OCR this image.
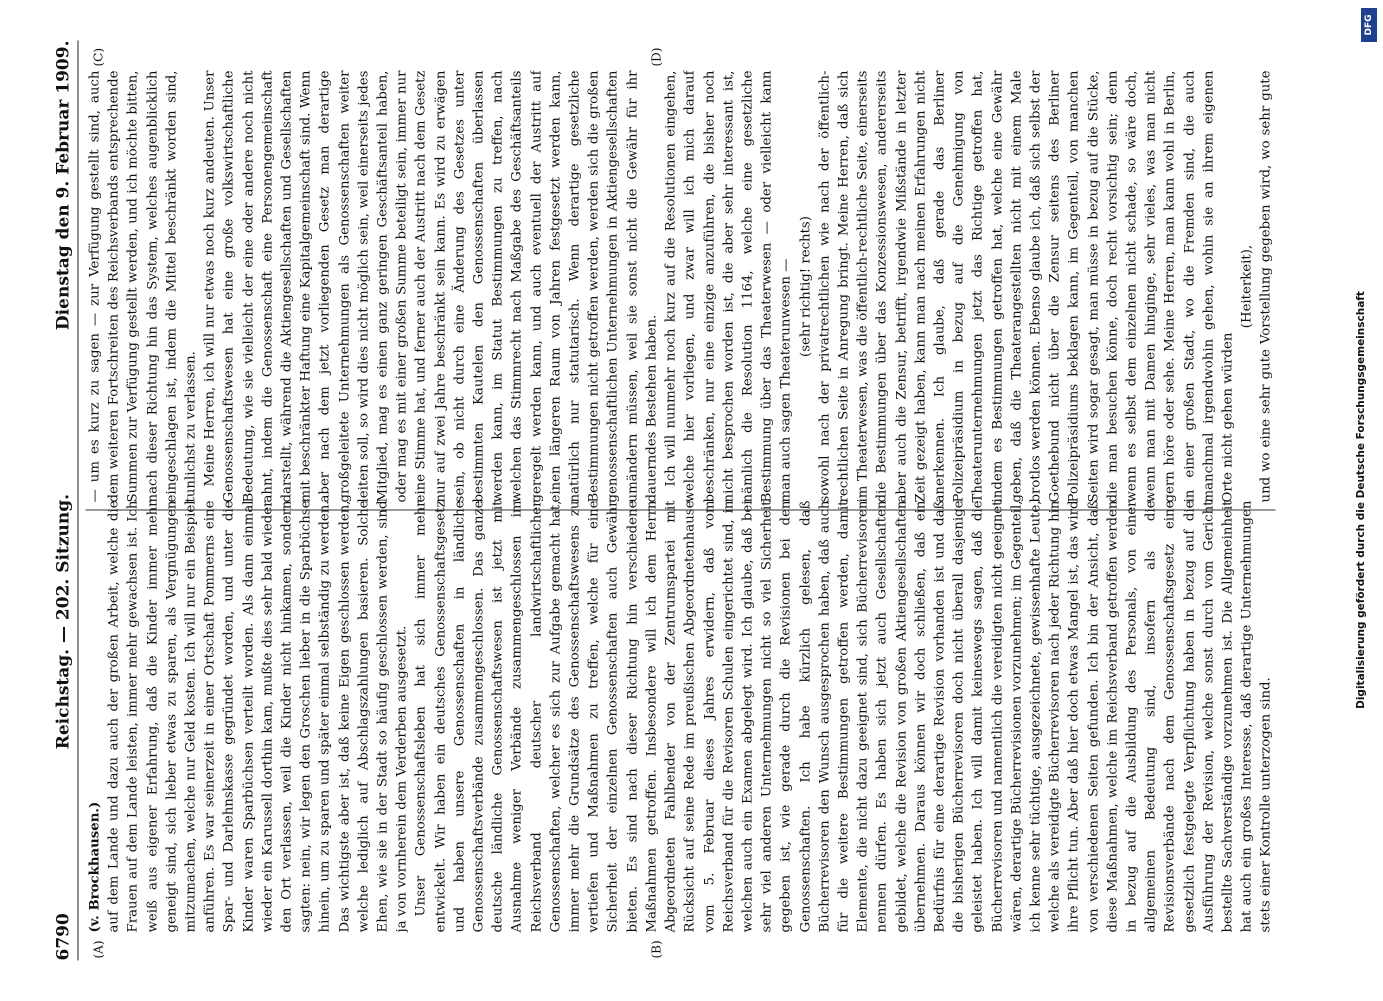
6790
Reichstag. — 202. Sitzung.
Dienstag den 9. Februar 1909.
(A)	(B)
(C)	(D)

(v. Brockhausen.) auf dem Lande und dazu auch der großen Arbeit, welche die Frauen auf dem Lande leisten, immer mehr gewachsen ist. Ich weiß aus eigener Erfahrung, daß die Kinder immer mehr geneigt sind, sich lieber etwas zu sparen, als Vergnügungen mitzumachen, welche nur Geld kosten. Ich will nur ein Beispiel anführen. Es war seinerzeit in einer Ortschaft Pommerns eine Spar- und Darlehnskasse gegründet worden, und unter die Kinder waren Sparbüchsen verteilt worden. Als dann einmal wieder ein Karussell dorthin kam, mußte dies sehr bald wieder den Ort verlassen, weil die Kinder nicht hinkamen, sondern sagten: nein, wir legen den Groschen lieber in die Sparbüchse hinein, um zu sparen und später einmal selbständig zu werden. Das wichtigste aber ist, daß keine Eigen geschlossen werden, welche lediglich auf Abschlagszahlungen basieren. Solche Ehen, wie sie in der Stadt so häufig geschlossen werden, sind ja von vornherein dem Verderben ausgesetzt. Unser Genossenschaftsleben hat sich immer mehr entwickelt. Wir haben ein deutsches Genossenschaftsgesetz und haben unsere Genossenschaften in ländliche Genossenschaftsverbände zusammengeschlossen. Das ganze deutsche ländliche Genossenschaftswesen ist jetzt mit Ausnahme weniger Verbände zusammengeschlossen im Reichsverband deutscher landwirtschaftlicher Genossenschaften, welcher es sich zur Aufgabe gemacht hat, immer mehr die Grundsätze des Genossenschaftswesens zu vertiefen und Maßnahmen zu treffen, welche für eine Sicherheit der einzelnen Genossenschaften auch Gewähr bieten. Es sind nach dieser Richtung hin verschiedene Maßnahmen getroffen. Insbesondere will ich dem Herrn Abgeordneten Fahlbender von der Zentrumspartei mit Rücksicht auf seine Rede im preußischen Abgeordnetenhause vom 5. Februar dieses Jahres erwidern, daß vom Reichsverband für die Revisoren Schulen eingerichtet sind, in welchen auch ein Examen abgelegt wird. Ich glaube, daß bei sehr viel anderen Unternehmungen nicht so viel Sicherheit gegeben ist, wie gerade durch die Revisionen bei den Genossenschaften. Ich habe kürzlich gelesen, daß Bücherrevisoren den Wunsch ausgesprochen haben, daß auch für die weitere Bestimmungen getroffen werden, damit Elemente, die nicht dazu geeignet sind, sich Bücherrevisoren nennen dürfen. Es haben sich jetzt auch Gesellschaften gebildet, welche die Revision von großen Aktiengesellschaften übernehmen. Daraus können wir doch schließen, daß ein Bedürfnis für eine derartige Revision vorhanden ist und daß die bisherigen Bücherrevisoren doch nicht überall dasjenige geleistet haben. Ich will damit keineswegs sagen, daß die Bücherrevisoren und namentlich die vereidigten nicht geeignet wären, derartige Bücherrevisionen vorzunehmen; im Gegenteil, ich kenne sehr tüchtige, ausgezeichnete, gewissenhafte Leute, welche als vereidigte Bücherrevisoren nach jeder Richtung hin ihre Pflicht tun. Aber daß hier doch etwas Mangel ist, das wird von verschiedenen Seiten gefunden. Ich bin der Ansicht, daß diese Maßnahmen, welche im Reichsverband getroffen werden in bezug auf die Ausbildung des Personals, von einer allgemeinen Bedeutung sind, insofern als die Revisionsverbände nach dem Genossenschaftsgesetz eine gesetzlich festgelegte Verpflichtung haben in bezug auf die Ausführung der Revision, welche sonst durch vom Gericht bestellte Sachverständige vorzunehmen ist. Die Allgemeinheit hat auch ein großes Interesse, daß derartige Unternehmungen stets einer Kontrolle unterzogen sind.

— um es kurz zu sagen — zur Verfügung gestellt sind, auch dem weiteren Fortschreiten des Reichsverbands entsprechende Summen zur Verfügung gestellt werden, und ich möchte bitten, nach dieser Richtung hin das System, welches augenblicklich eingeschlagen ist, indem die Mittel beschränkt worden sind, tunlichst zu verlassen. Meine Herren, ich will nur etwas noch kurz andeuten. Unser Genossenschaftswesen hat eine große volkswirtschaftliche Bedeutung, wie sie vielleicht der eine oder andere noch nicht ahnt, indem die Genossenschaft eine Personengemeinschaft darstellt, während die Aktiengesellschaften und Gesellschaften mit beschränkter Haftung eine Kapitalgemeinschaft sind. Wenn aber nach dem jetzt vorliegenden Gesetz man derartige großgeleitete Unternehmungen als Genossenschaften weiter leiten soll, so wird dies nicht möglich sein, weil einerseits jedes Mitglied, mag es einen ganz geringen Geschäftsanteil haben, oder mag es mit einer großen Summe beteiligt sein, immer nur eine Stimme hat, und ferner auch der Austritt nach dem Gesetz nur auf zwei Jahre beschränkt sein kann. Es wird zu erwägen sein, ob nicht durch eine Änderung des Gesetzes unter bestimmten Kautelen den Genossenschaften überlassen werden kann, im Statut Bestimmungen zu treffen, nach welchen das Stimmrecht nach Maßgabe des Geschäftsanteils geregelt werden kann, und auch eventuell der Austritt auf einen längeren Raum von Jahren festgesetzt werden kann, natürlich nur statutarisch. Wenn derartige gesetzliche Bestimmungen nicht getroffen werden, werden sich die großen genossenschaftlichen Unternehmungen in Aktiengesellschaften umändern müssen, weil sie sonst nicht die Gewähr für ihr dauerndes Bestehen haben. Ich will nunmehr noch kurz auf die Resolutionen eingehen, welche hier vorliegen, und zwar will ich mich darauf beschränken, nur eine einzige anzuführen, die bisher noch nicht besprochen worden ist, die aber sehr interessant ist, nämlich die Resolution 1164, welche eine gesetzliche Bestimmung über das Theaterwesen — oder vielleicht kann man auch sagen Theaterunwesen — (sehr richtig! rechts) sowohl nach der privatrechtlichen wie nach der öffentlich-rechtlichen Seite in Anregung bringt. Meine Herren, daß sich im Theaterwesen, was die öffentlich-rechtliche Seite, einerseits die Bestimmungen über das Konzessionswesen, andererseits aber auch die Zensur, betrifft, irgendwie Mißstände in letzter Zeit gezeigt haben, kann man nach meinen Erfahrungen nicht anerkennen. Ich glaube, daß gerade das Berliner Polizeipräsidium in bezug auf die Genehmigung von Theaterunternehmungen jetzt das Richtige getroffen hat, indem es Bestimmungen getroffen hat, welche eine Gewähr geben, daß die Theaterangestellten nicht mit einem Male brotlos werden können. Ebenso glaube ich, daß sich selbst der Goethebund nicht über die Zensur seitens des Berliner Polizeipräsidiums beklagen kann, im Gegenteil, von manchen Seiten wird sogar gesagt, man müsse in bezug auf die Stücke, die man besuchen könne, doch recht vorsichtig sein; denn wenn es selbst dem einzelnen nicht schade, so wäre doch, wenn man mit Damen hinginge, sehr vieles, was man nicht gern höre oder sehe. Meine Herren, man kann wohl in Berlin, in einer großen Stadt, wo die Fremden sind, die auch manchmal irgendwohin gehen, wohin sie an ihrem eigenen Orte nicht gehen würden

(Heiterkeit),

und wo eine sehr gute Vorstellung gegeben wird, wo sehr gute

DFG
Digitalisierung gefördert durch die Deutsche Forschungsgemeinschaft
